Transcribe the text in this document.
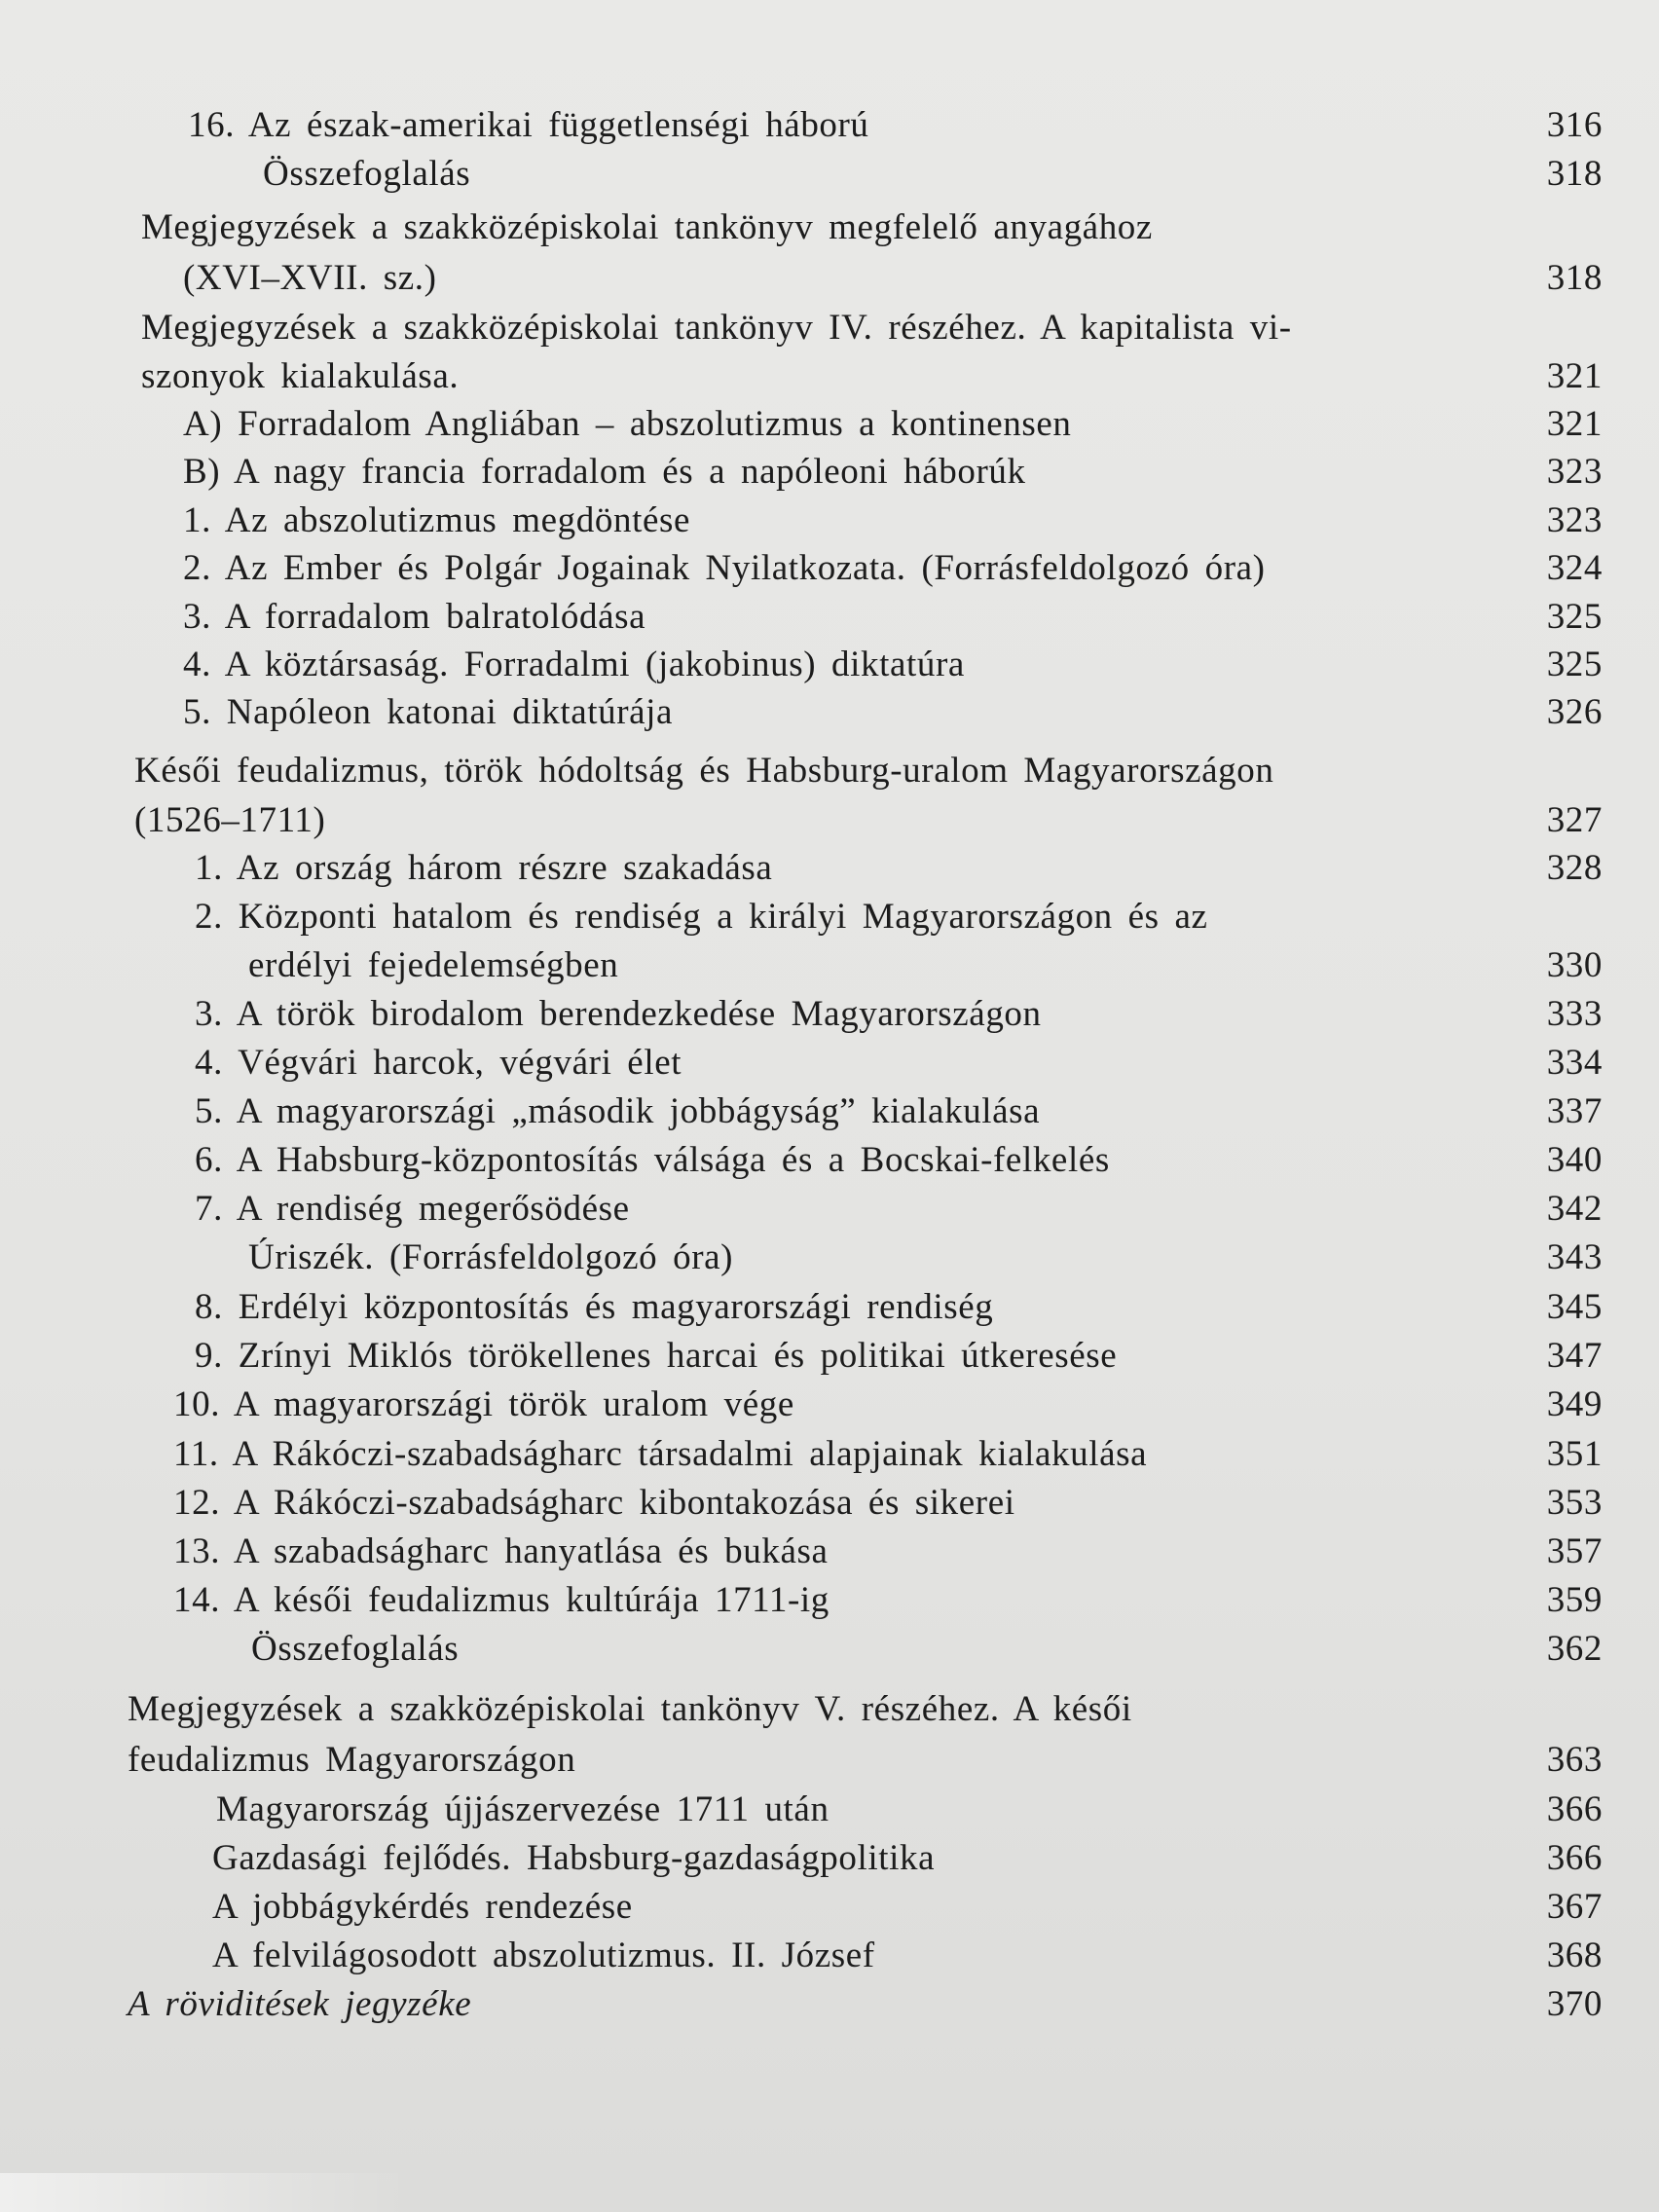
16. Az észak-amerikai függetlenségi háború	316
Összefoglalás	318
Megjegyzések a szakközépiskolai tankönyv megfelelő anyagához
(XVI–XVII. sz.)	318
Megjegyzések a szakközépiskolai tankönyv IV. részéhez. A kapitalista vi-
szonyok kialakulása.	321
A) Forradalom Angliában – abszolutizmus a kontinensen	321
B) A nagy francia forradalom és a napóleoni háborúk	323
1. Az abszolutizmus megdöntése	323
2. Az Ember és Polgár Jogainak Nyilatkozata. (Forrásfeldolgozó óra)	324
3. A forradalom balratolódása	325
4. A köztársaság. Forradalmi (jakobinus) diktatúra	325
5. Napóleon katonai diktatúrája	326
Késői feudalizmus, török hódoltság és Habsburg-uralom Magyarországon
(1526–1711)	327
1. Az ország három részre szakadása	328
2. Központi hatalom és rendiség a királyi Magyarországon és az
erdélyi fejedelemségben	330
3. A török birodalom berendezkedése Magyarországon	333
4. Végvári harcok, végvári élet	334
5. A magyarországi „második jobbágyság” kialakulása	337
6. A Habsburg-központosítás válsága és a Bocskai-felkelés	340
7. A rendiség megerősödése	342
Úriszék. (Forrásfeldolgozó óra)	343
8. Erdélyi központosítás és magyarországi rendiség	345
9. Zrínyi Miklós törökellenes harcai és politikai útkeresése	347
10. A magyarországi török uralom vége	349
11. A Rákóczi-szabadságharc társadalmi alapjainak kialakulása	351
12. A Rákóczi-szabadságharc kibontakozása és sikerei	353
13. A szabadságharc hanyatlása és bukása	357
14. A késői feudalizmus kultúrája 1711-ig	359
Összefoglalás	362
Megjegyzések a szakközépiskolai tankönyv V. részéhez. A késői
feudalizmus Magyarországon	363
Magyarország újjászervezése 1711 után	366
Gazdasági fejlődés. Habsburg-gazdaságpolitika	366
A jobbágykérdés rendezése	367
A felvilágosodott abszolutizmus. II. József	368
A röviditések jegyzéke	370
